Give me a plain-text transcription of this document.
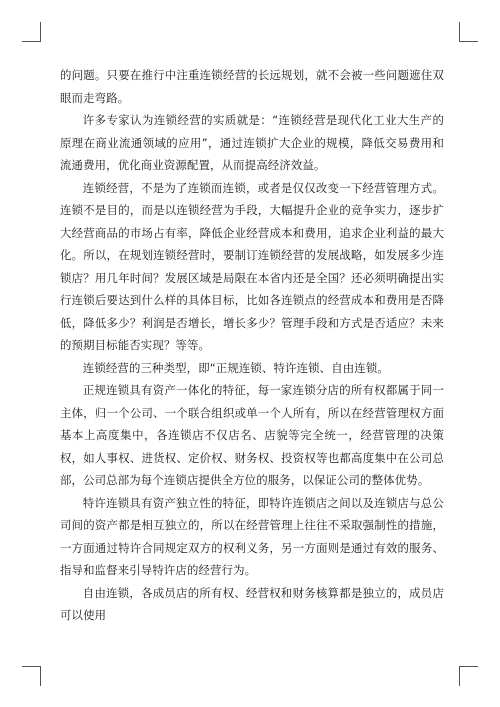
的问题。只要在推行中注重连锁经营的长远规划，就不会被一些问题遮住双眼而走弯路。

许多专家认为连锁经营的实质就是：“连锁经营是现代化工业大生产的原理在商业流通领域的应用”，通过连锁扩大企业的规模，降低交易费用和流通费用，优化商业资源配置，从而提高经济效益。

连锁经营，不是为了连锁而连锁，或者是仅仅改变一下经营管理方式。连锁不是目的，而是以连锁经营为手段，大幅提升企业的竞争实力，逐步扩大经营商品的市场占有率，降低企业经营成本和费用，追求企业利益的最大化。所以，在规划连锁经营时，要制订连锁经营的发展战略，如发展多少连锁店？用几年时间？发展区域是局限在本省内还是全国？还必须明确提出实行连锁后要达到什么样的具体目标，比如各连锁点的经营成本和费用是否降低，降低多少？利润是否增长，增长多少？管理手段和方式是否适应？未来的预期目标能否实现？等等。

连锁经营的三种类型，即“正规连锁、特许连锁、自由连锁。

正规连锁具有资产一体化的特征，每一家连锁分店的所有权都属于同一主体，归一个公司、一个联合组织或单一个人所有，所以在经营管理权方面基本上高度集中，各连锁店不仅店名、店貌等完全统一，经营管理的决策权，如人事权、进货权、定价权、财务权、投资权等也都高度集中在公司总部，公司总部为每个连锁店提供全方位的服务，以保证公司的整体优势。

特许连锁具有资产独立性的特征，即特许连锁店之间以及连锁店与总公司间的资产都是相互独立的，所以在经营管理上往往不采取强制性的措施，一方面通过特许合同规定双方的权利义务，另一方面则是通过有效的服务、指导和监督来引导特许店的经营行为。

自由连锁，各成员店的所有权、经营权和财务核算都是独立的，成员店可以使用
